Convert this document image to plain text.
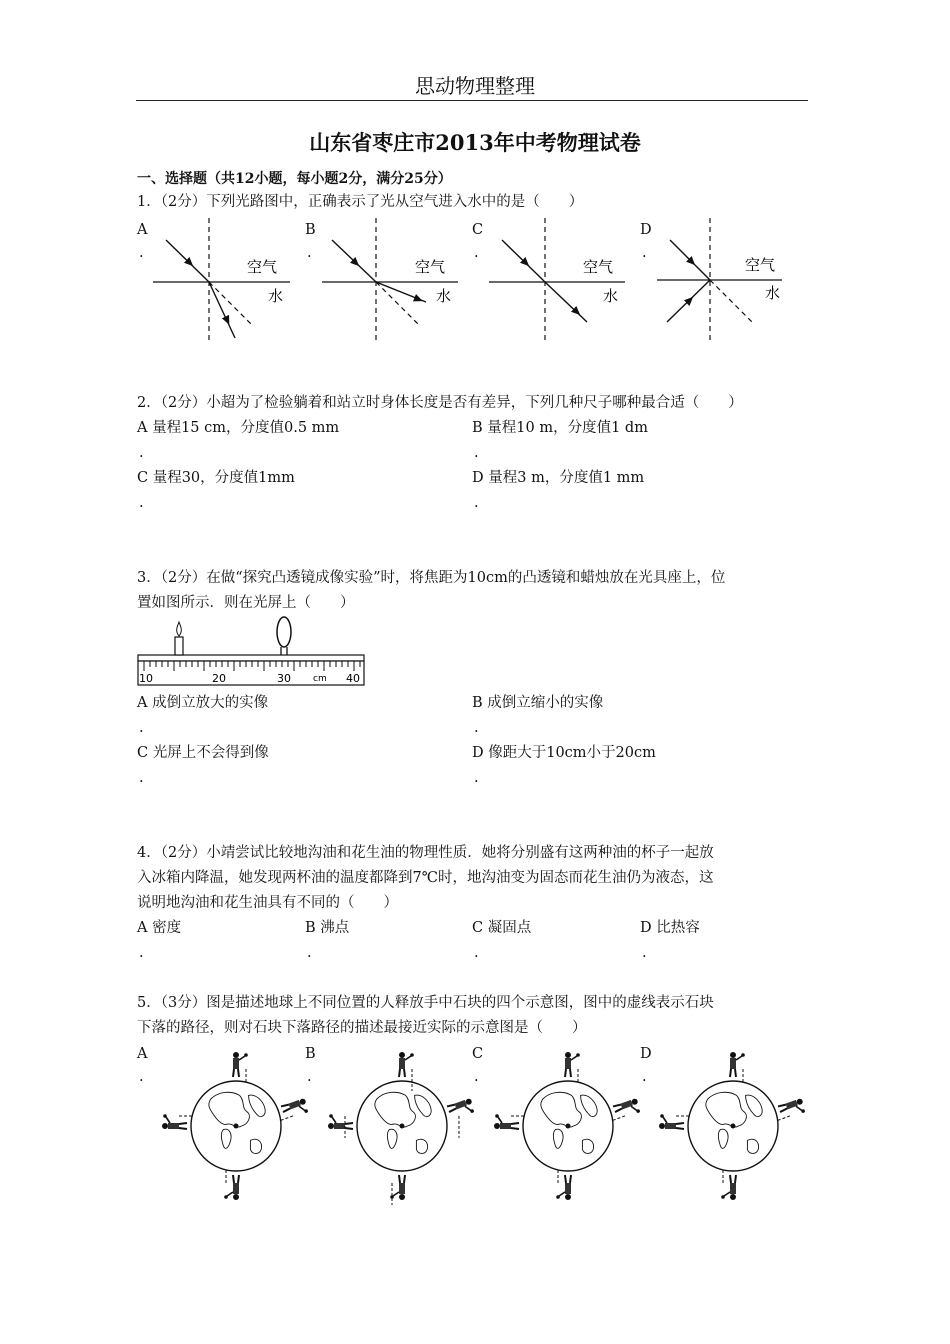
思动物理整理
山东省枣庄市2013年中考物理试卷
一、选择题（共12小题，每小题2分，满分25分）
1．（2分）下列光路图中，正确表示了光从空气进入水中的是（　　）
A
.
B
.
C
.
D
.
空气
水
空气
水
空气
水
空气
水
2．（2分）小超为了检验躺着和站立时身体长度是否有差异，下列几种尺子哪种最合适（　　）
A 量程15 cm，分度值0.5 mm
.
B 量程10 m，分度值1 dm
.
C 量程30，分度值1mm
.
D 量程3 m，分度值1 mm
.
3．（2分）在做“探究凸透镜成像实验”时，将焦距为10cm的凸透镜和蜡烛放在光具座上，位
置如图所示．则在光屏上（　　）
10	20	30 cm 40
A 成倒立放大的实像
.
B 成倒立缩小的实像
.
C 光屏上不会得到像
.
D 像距大于10cm小于20cm
.
4．（2分）小靖尝试比较地沟油和花生油的物理性质．她将分别盛有这两种油的杯子一起放
入冰箱内降温，她发现两杯油的温度都降到7℃时，地沟油变为固态而花生油仍为液态，这
说明地沟油和花生油具有不同的（　　）
A 密度
.
B 沸点
.
C 凝固点
.
D 比热容
.
5．（3分）图是描述地球上不同位置的人释放手中石块的四个示意图，图中的虚线表示石块
下落的路径，则对石块下落路径的描述最接近实际的示意图是（　　）
A
.
B
.
C
.
D
.
